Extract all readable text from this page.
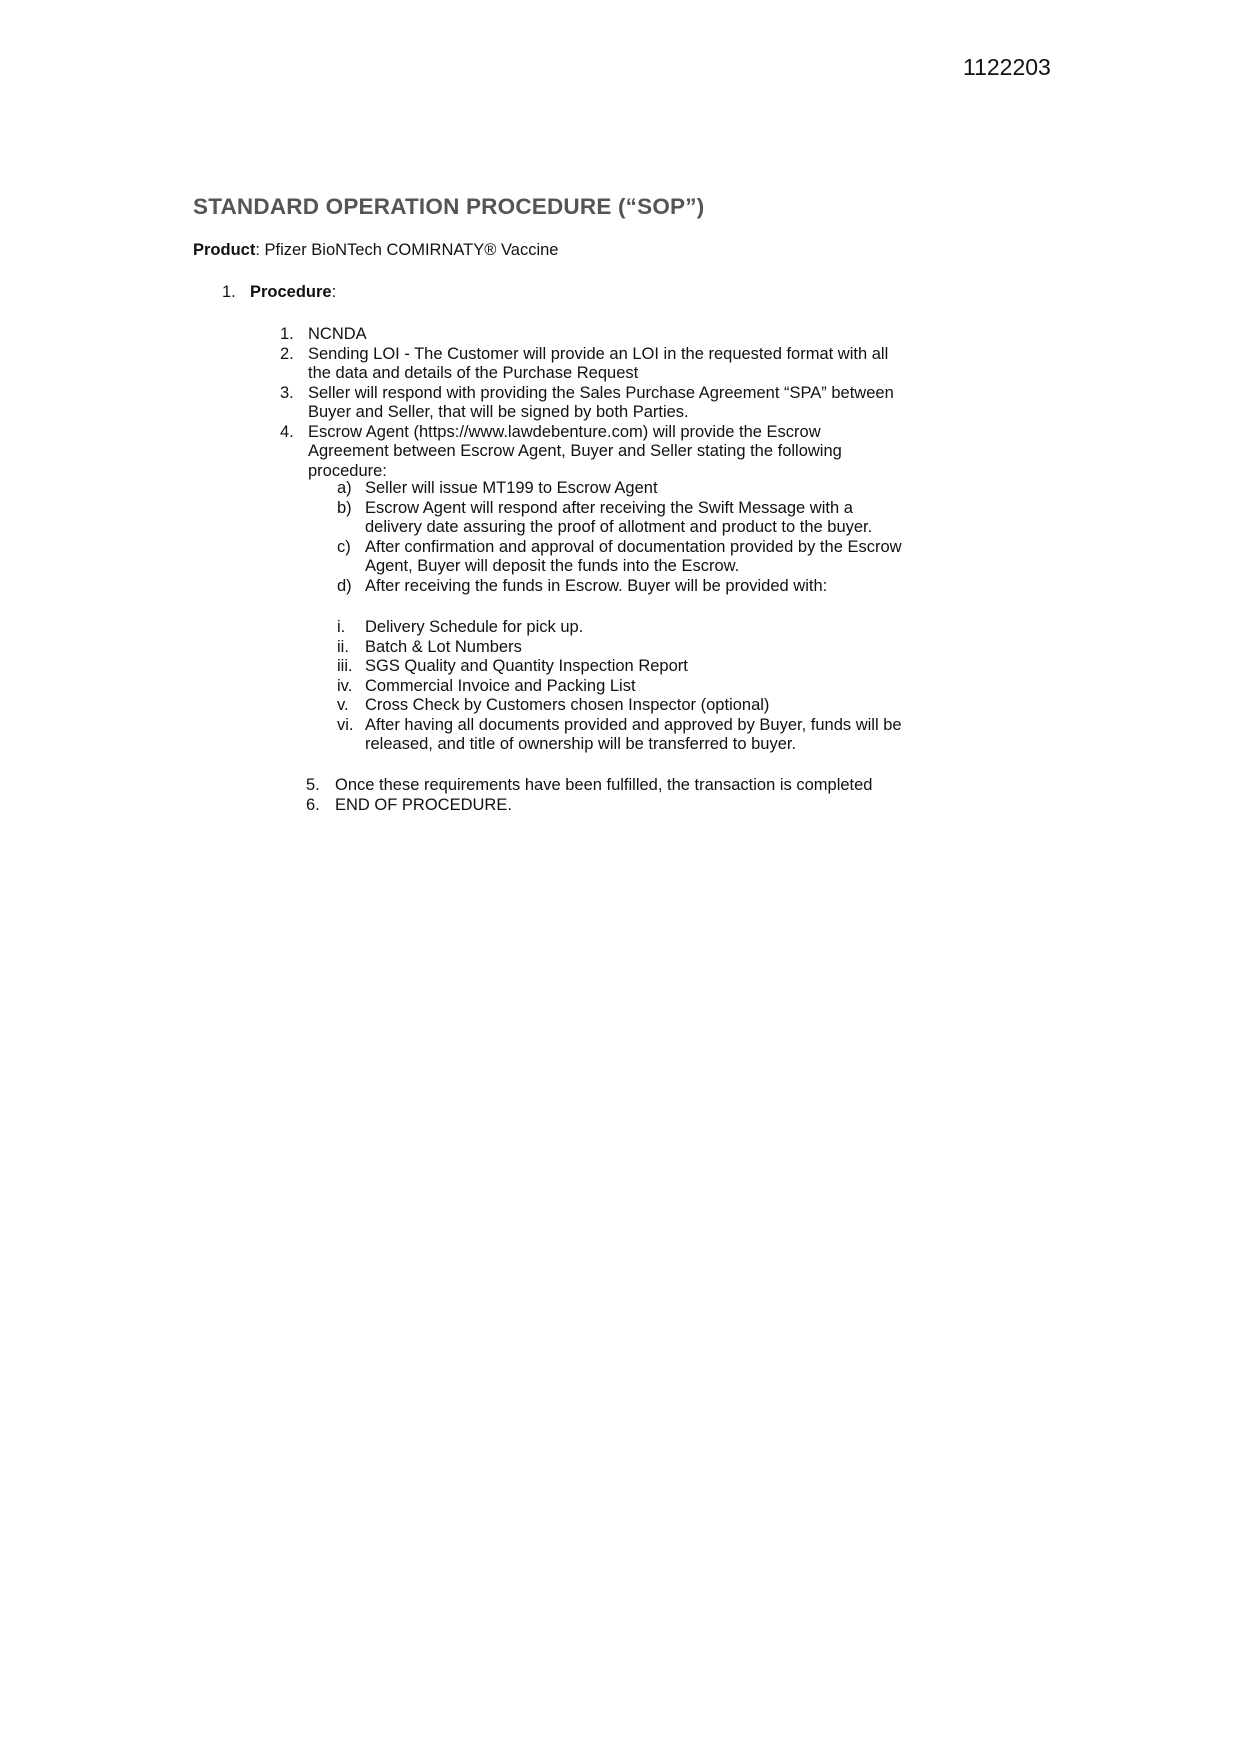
1122203
STANDARD OPERATION PROCEDURE (“SOP”)
Product: Pfizer BioNTech COMIRNATY® Vaccine
1. Procedure:
1. NCNDA
2. Sending LOI - The Customer will provide an LOI in the requested format with all
the data and details of the Purchase Request
3. Seller will respond with providing the Sales Purchase Agreement “SPA” between
Buyer and Seller, that will be signed by both Parties.
4. Escrow Agent (https://www.lawdebenture.com) will provide the Escrow
Agreement between Escrow Agent, Buyer and Seller stating the following
procedure:
a) Seller will issue MT199 to Escrow Agent
b) Escrow Agent will respond after receiving the Swift Message with a
delivery date assuring the proof of allotment and product to the buyer.
c) After confirmation and approval of documentation provided by the Escrow
Agent, Buyer will deposit the funds into the Escrow.
d) After receiving the funds in Escrow. Buyer will be provided with:
i. Delivery Schedule for pick up.
ii. Batch & Lot Numbers
iii. SGS Quality and Quantity Inspection Report
iv. Commercial Invoice and Packing List
v. Cross Check by Customers chosen Inspector (optional)
vi. After having all documents provided and approved by Buyer, funds will be
released, and title of ownership will be transferred to buyer.
5. Once these requirements have been fulfilled, the transaction is completed
6. END OF PROCEDURE.
